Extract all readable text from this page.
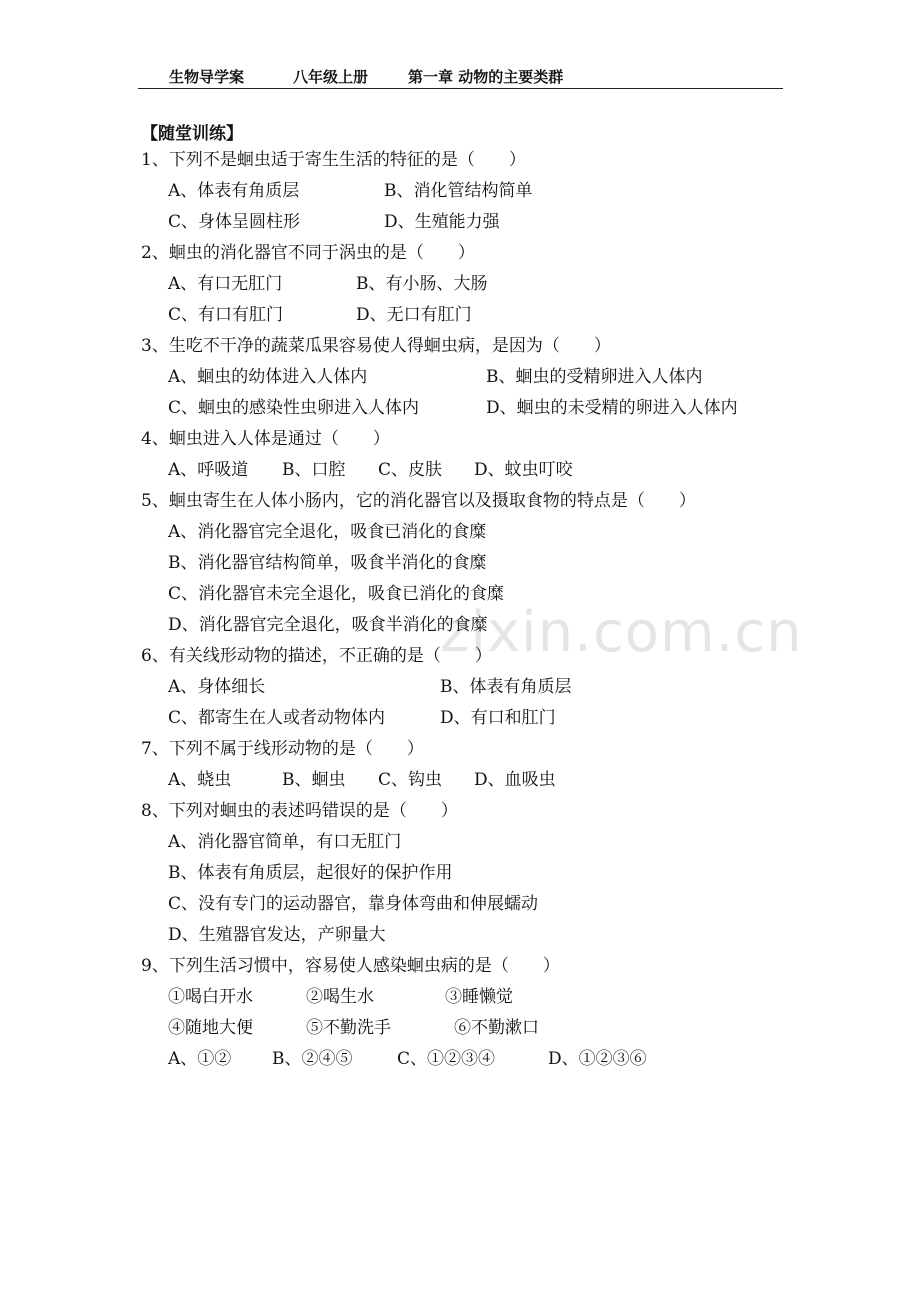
生物导学案	八年级上册	第一章 动物的主要类群
【随堂训练】
1、下列不是蛔虫适于寄生生活的特征的是（　　）
A、体表有角质层	B、消化管结构简单
C、身体呈圆柱形	D、生殖能力强
2、蛔虫的消化器官不同于涡虫的是（　　）
A、有口无肛门	B、有小肠、大肠
C、有口有肛门	D、无口有肛门
3、生吃不干净的蔬菜瓜果容易使人得蛔虫病，是因为（　　）
A、蛔虫的幼体进入人体内	B、蛔虫的受精卵进入人体内
C、蛔虫的感染性虫卵进入人体内	D、蛔虫的未受精的卵进入人体内
4、蛔虫进入人体是通过（　　）
A、呼吸道 B、口腔 C、皮肤 D、蚊虫叮咬
5、蛔虫寄生在人体小肠内，它的消化器官以及摄取食物的特点是（　　）
A、消化器官完全退化，吸食已消化的食糜
B、消化器官结构简单，吸食半消化的食糜
C、消化器官未完全退化，吸食已消化的食糜
D、消化器官完全退化，吸食半消化的食糜
6、有关线形动物的描述，不正确的是（　　）
A、身体细长	B、体表有角质层
C、都寄生在人或者动物体内	D、有口和肛门
7、下列不属于线形动物的是（　　）
A、蛲虫	B、蛔虫 C、钩虫 D、血吸虫
8、下列对蛔虫的表述吗错误的是（　　）
A、消化器官简单，有口无肛门
B、体表有角质层，起很好的保护作用
C、没有专门的运动器官，靠身体弯曲和伸展蠕动
D、生殖器官发达，产卵量大
9、下列生活习惯中，容易使人感染蛔虫病的是（　　）
①喝白开水	②喝生水	③睡懒觉
④随地大便	⑤不勤洗手	⑥不勤漱口
A、①② B、②④⑤	C、①②③④	D、①②③⑥
zixin.com.cn
